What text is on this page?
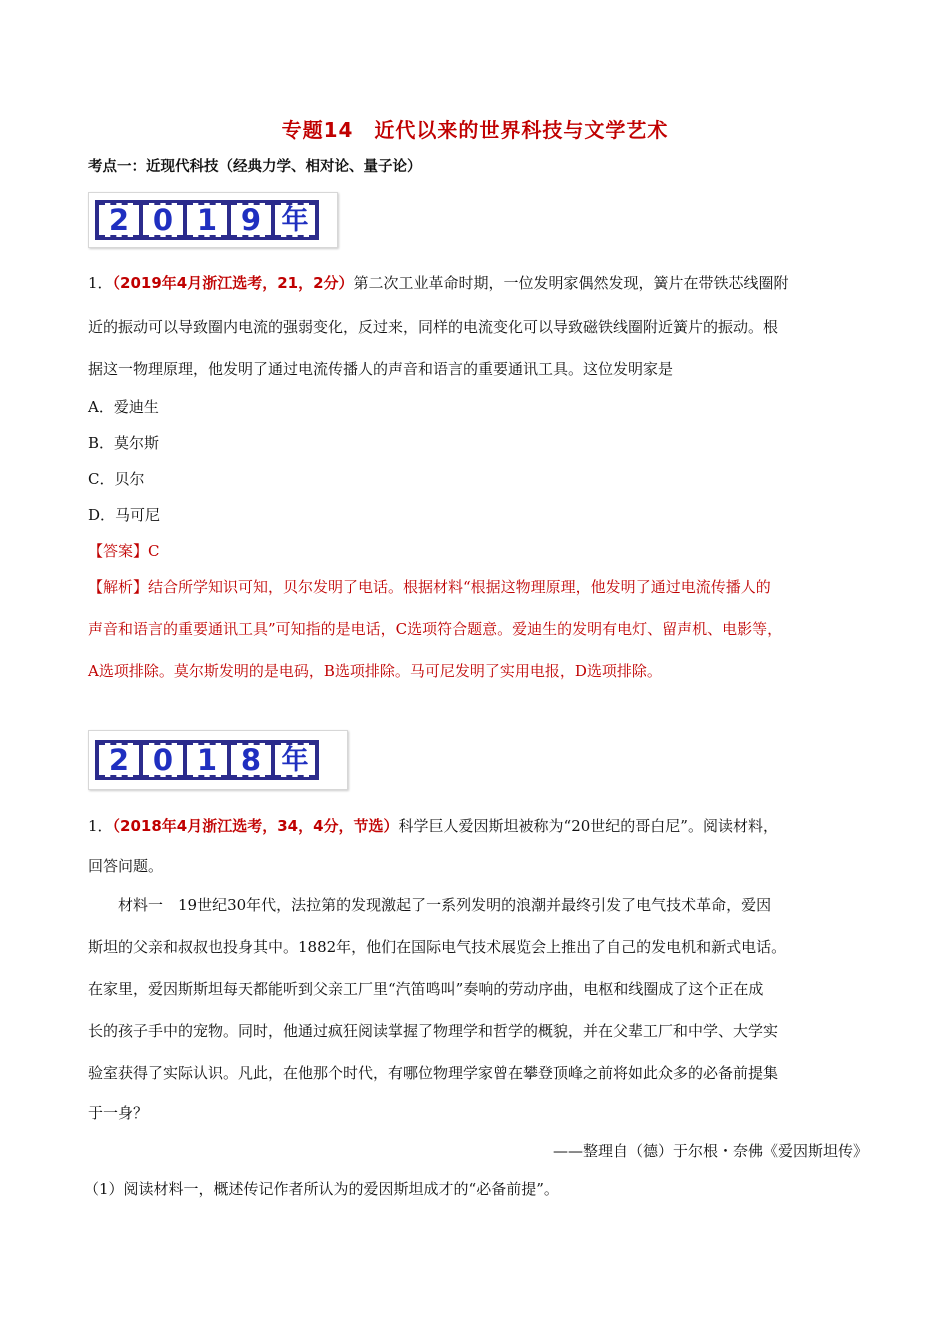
专题14　近代以来的世界科技与文学艺术
考点一：近现代科技（经典力学、相对论、量子论）
2 0 1 9 年
1．（2019年4月浙江选考，21，2分）第二次工业革命时期，一位发明家偶然发现，簧片在带铁芯线圈附
近的振动可以导致圈内电流的强弱变化，反过来，同样的电流变化可以导致磁铁线圈附近簧片的振动。根
据这一物理原理，他发明了通过电流传播人的声音和语言的重要通讯工具。这位发明家是
A．爱迪生
B．莫尔斯
C．贝尔
D．马可尼
【答案】C
【解析】结合所学知识可知，贝尔发明了电话。根据材料“根据这物理原理，他发明了通过电流传播人的
声音和语言的重要通讯工具”可知指的是电话，C选项符合题意。爱迪生的发明有电灯、留声机、电影等，
A选项排除。莫尔斯发明的是电码，B选项排除。马可尼发明了实用电报，D选项排除。
2 0 1 8 年
1．（2018年4月浙江选考，34，4分，节选）科学巨人爱因斯坦被称为“20世纪的哥白尼”。阅读材料，
回答问题。
　　材料一　19世纪30年代，法拉第的发现激起了一系列发明的浪潮并最终引发了电气技术革命，爱因
斯坦的父亲和叔叔也投身其中。1882年，他们在国际电气技术展览会上推出了自己的发电机和新式电话。
在家里，爱因斯斯坦每天都能听到父亲工厂里“汽笛鸣叫”奏响的劳动序曲，电枢和线圈成了这个正在成
长的孩子手中的宠物。同时，他通过疯狂阅读掌握了物理学和哲学的概貌，并在父辈工厂和中学、大学实
验室获得了实际认识。凡此，在他那个时代，有哪位物理学家曾在攀登顶峰之前将如此众多的必备前提集
于一身？
——整理自（德）于尔根・奈佛《爱因斯坦传》
（1）阅读材料一，概述传记作者所认为的爱因斯坦成才的“必备前提”。
